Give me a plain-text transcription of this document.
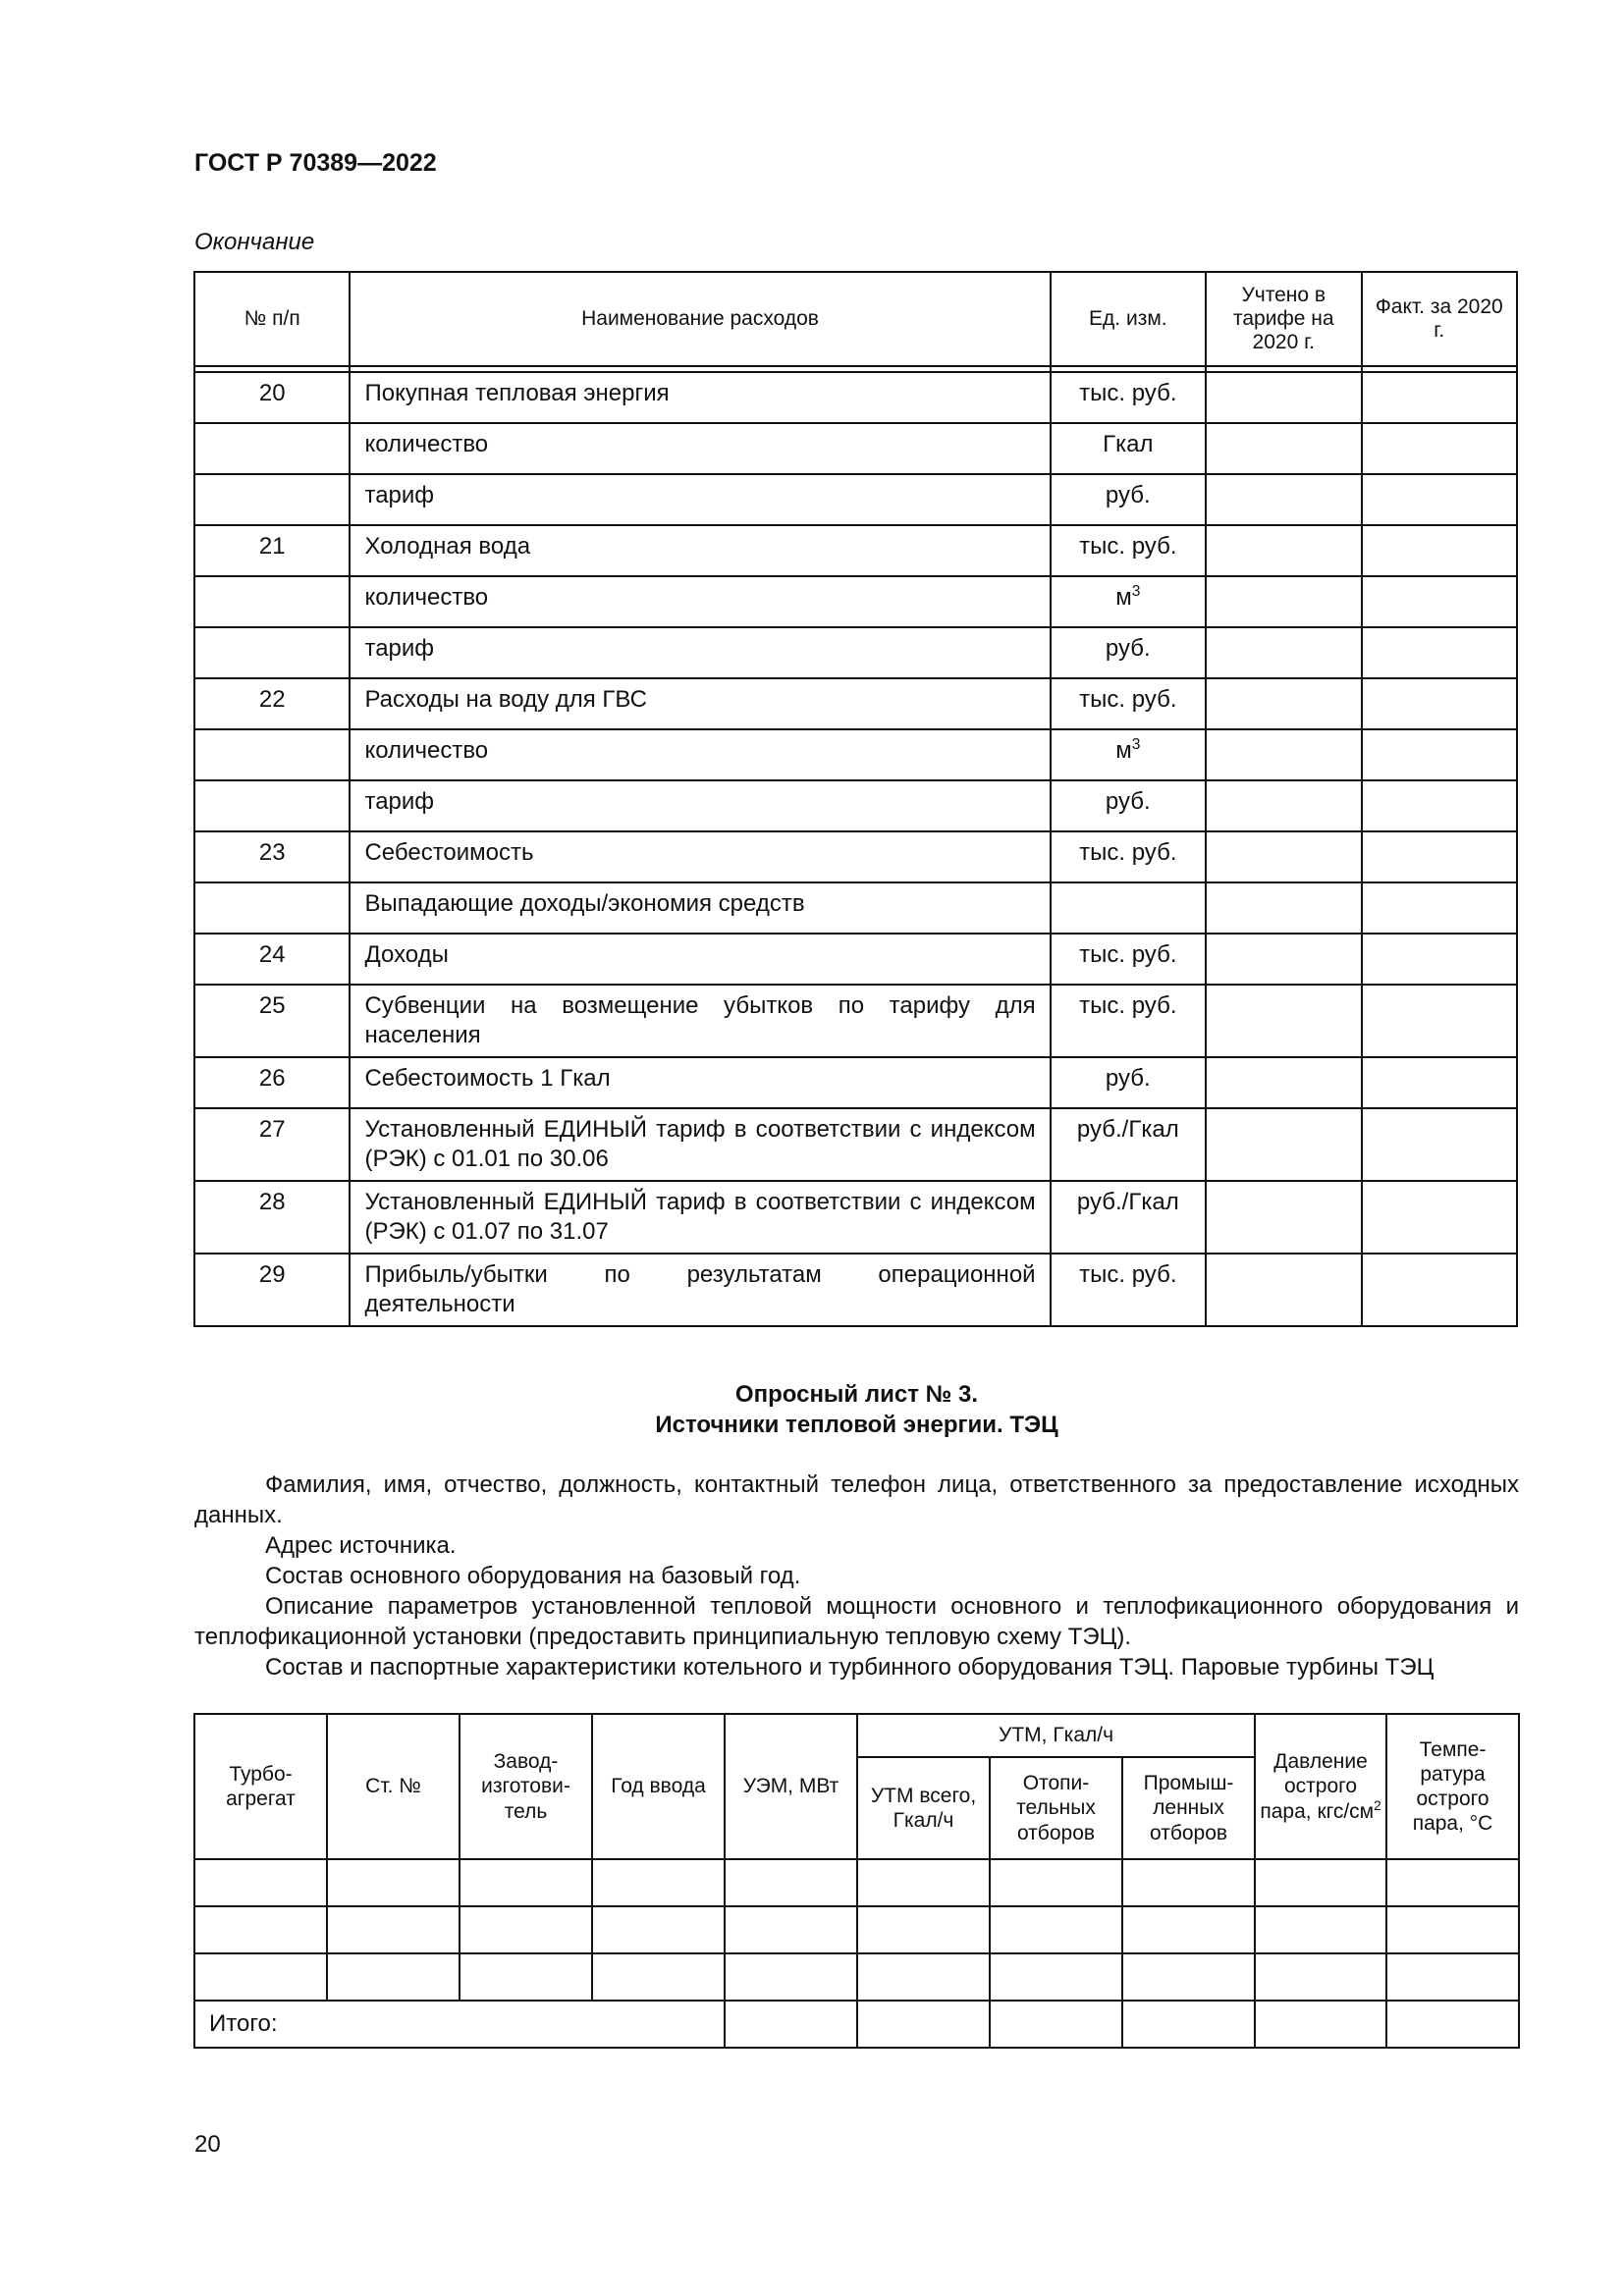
ГОСТ Р 70389—2022
Окончание
№ п/п	Наименование расходов	Ед. изм.	Учтено в тарифе на 2020 г.	Факт. за 2020 г.

20	Покупная тепловая энергия	тыс. руб.		
	количество	Гкал		
	тариф	руб.		
21	Холодная вода	тыс. руб.		
	количество	$м^3$		
	тариф	руб.		
22	Расходы на воду для ГВС	тыс. руб.		
	количество	$м^3$		
	тариф	руб.		
23	Себестоимость	тыс. руб.		
	Выпадающие доходы/экономия средств			
24	Доходы	тыс. руб.		
25	Субвенции на возмещение убытков по тарифу для населения	тыс. руб.		
26	Себестоимость 1 Гкал	руб.		
27	Установленный ЕДИНЫЙ тариф в соответствии с индексом (РЭК) с 01.01 по 30.06	руб./Гкал		
28	Установленный ЕДИНЫЙ тариф в соответствии с индексом (РЭК) с 01.07 по 31.07	руб./Гкал		
29	Прибыль/убытки по результатам операционной деятельности	тыс. руб.		
Опросный лист № 3.
Источники тепловой энергии. ТЭЦ
Фамилия, имя, отчество, должность, контактный телефон лица, ответственного за предоставление исходных данных.
Адрес источника.
Состав основного оборудования на базовый год.
Описание параметров установленной тепловой мощности основного и теплофикационного оборудования и теплофикационной установки (предоставить принципиальную тепловую схему ТЭЦ).
Состав и паспортные характеристики котельного и турбинного оборудования ТЭЦ. Паровые турбины ТЭЦ
Турбо-агрегат	Ст. №	Завод-изготови-тель	Год ввода	УЭМ, МВт	УТМ, Гкал/ч			Давление острого пара, кгс/$см^2$	Темпе-ратура острого пара, °C
					УТМ всего, Гкал/ч	Отопи-тельных отборов	Промыш-ленных отборов		

Итого:									
20
